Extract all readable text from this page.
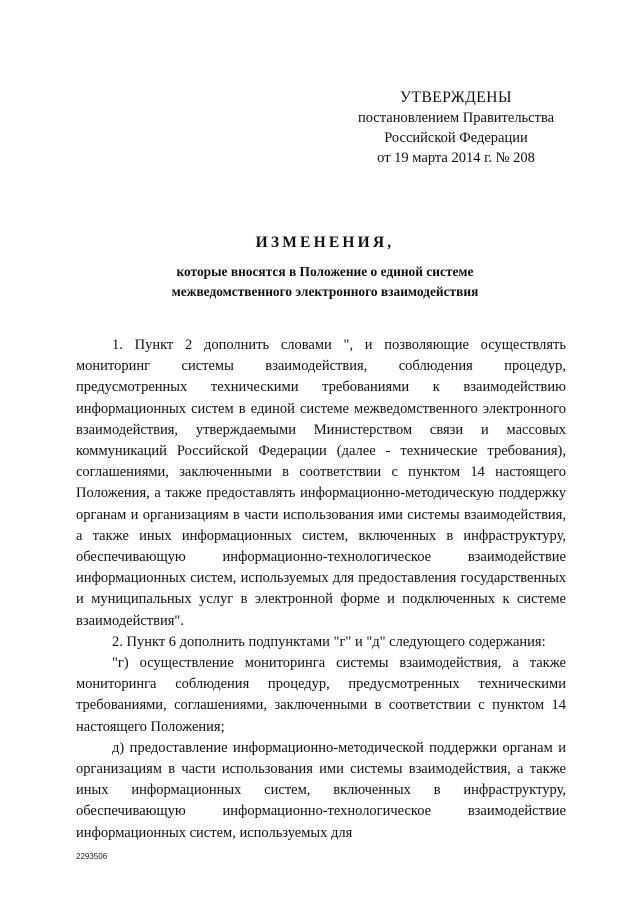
УТВЕРЖДЕНЫ
постановлением Правительства
Российской Федерации
от 19 марта 2014 г. № 208
ИЗМЕНЕНИЯ,
которые вносятся в Положение о единой системе
межведомственного электронного взаимодействия

1. Пункт 2 дополнить словами ", и позволяющие осуществлять мониторинг системы взаимодействия, соблюдения процедур, предусмотренных техническими требованиями к взаимодействию информационных систем в единой системе межведомственного электронного взаимодействия, утверждаемыми Министерством связи и массовых коммуникаций Российской Федерации (далее - технические требования), соглашениями, заключенными в соответствии с пунктом 14 настоящего Положения, а также предоставлять информационно-методическую поддержку органам и организациям в части использования ими системы взаимодействия, а также иных информационных систем, включенных в инфраструктуру, обеспечивающую информационно-технологическое взаимодействие информационных систем, используемых для предоставления государственных и муниципальных услуг в электронной форме и подключенных к системе взаимодействия".

2. Пункт 6 дополнить подпунктами "г" и "д" следующего содержания:

"г) осуществление мониторинга системы взаимодействия, а также мониторинга соблюдения процедур, предусмотренных техническими требованиями, соглашениями, заключенными в соответствии с пунктом 14 настоящего Положения;

д) предоставление информационно-методической поддержки органам и организациям в части использования ими системы взаимодействия, а также иных информационных систем, включенных в инфраструктуру, обеспечивающую информационно-технологическое взаимодействие информационных систем, используемых для

2293506
